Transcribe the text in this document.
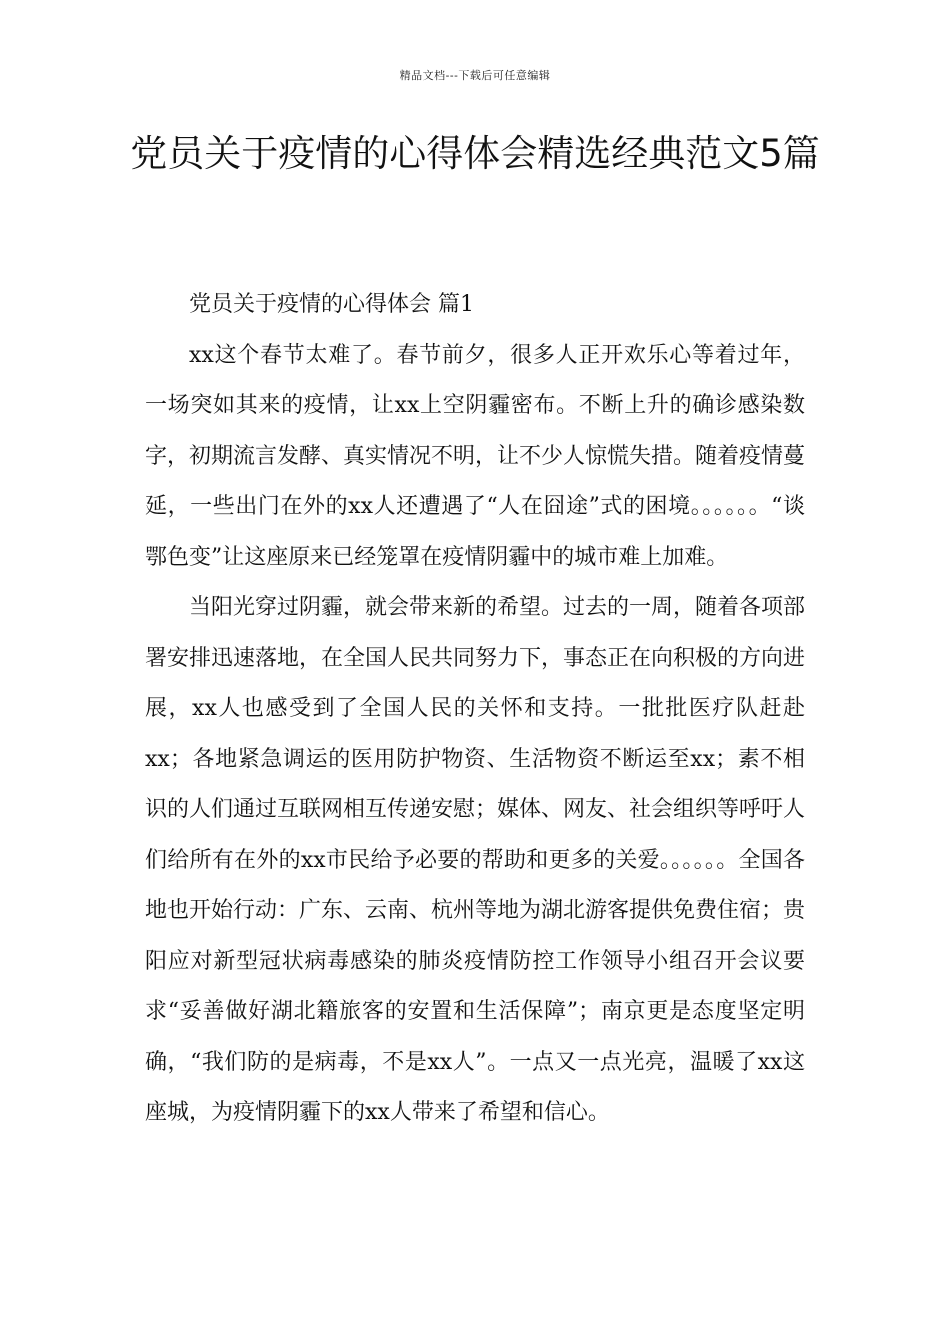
精品文档---下载后可任意编辑
党员关于疫情的心得体会精选经典范文5篇

党员关于疫情的心得体会 篇1

xx这个春节太难了。春节前夕，很多人正开欢乐心等着过年，一场突如其来的疫情，让xx上空阴霾密布。不断上升的确诊感染数字，初期流言发酵、真实情况不明，让不少人惊慌失措。随着疫情蔓延，一些出门在外的xx人还遭遇了“人在囧途”式的困境。。。。。。“谈鄂色变”让这座原来已经笼罩在疫情阴霾中的城市难上加难。

当阳光穿过阴霾，就会带来新的希望。过去的一周，随着各项部署安排迅速落地，在全国人民共同努力下，事态正在向积极的方向进展，xx人也感受到了全国人民的关怀和支持。一批批医疗队赶赴xx；各地紧急调运的医用防护物资、生活物资不断运至xx；素不相识的人们通过互联网相互传递安慰；媒体、网友、社会组织等呼吁人们给所有在外的xx市民给予必要的帮助和更多的关爱。。。。。。全国各地也开始行动：广东、云南、杭州等地为湖北游客提供免费住宿；贵阳应对新型冠状病毒感染的肺炎疫情防控工作领导小组召开会议要求“妥善做好湖北籍旅客的安置和生活保障”；南京更是态度坚定明确，“我们防的是病毒，不是xx人”。一点又一点光亮，温暖了xx这座城，为疫情阴霾下的xx人带来了希望和信心。
